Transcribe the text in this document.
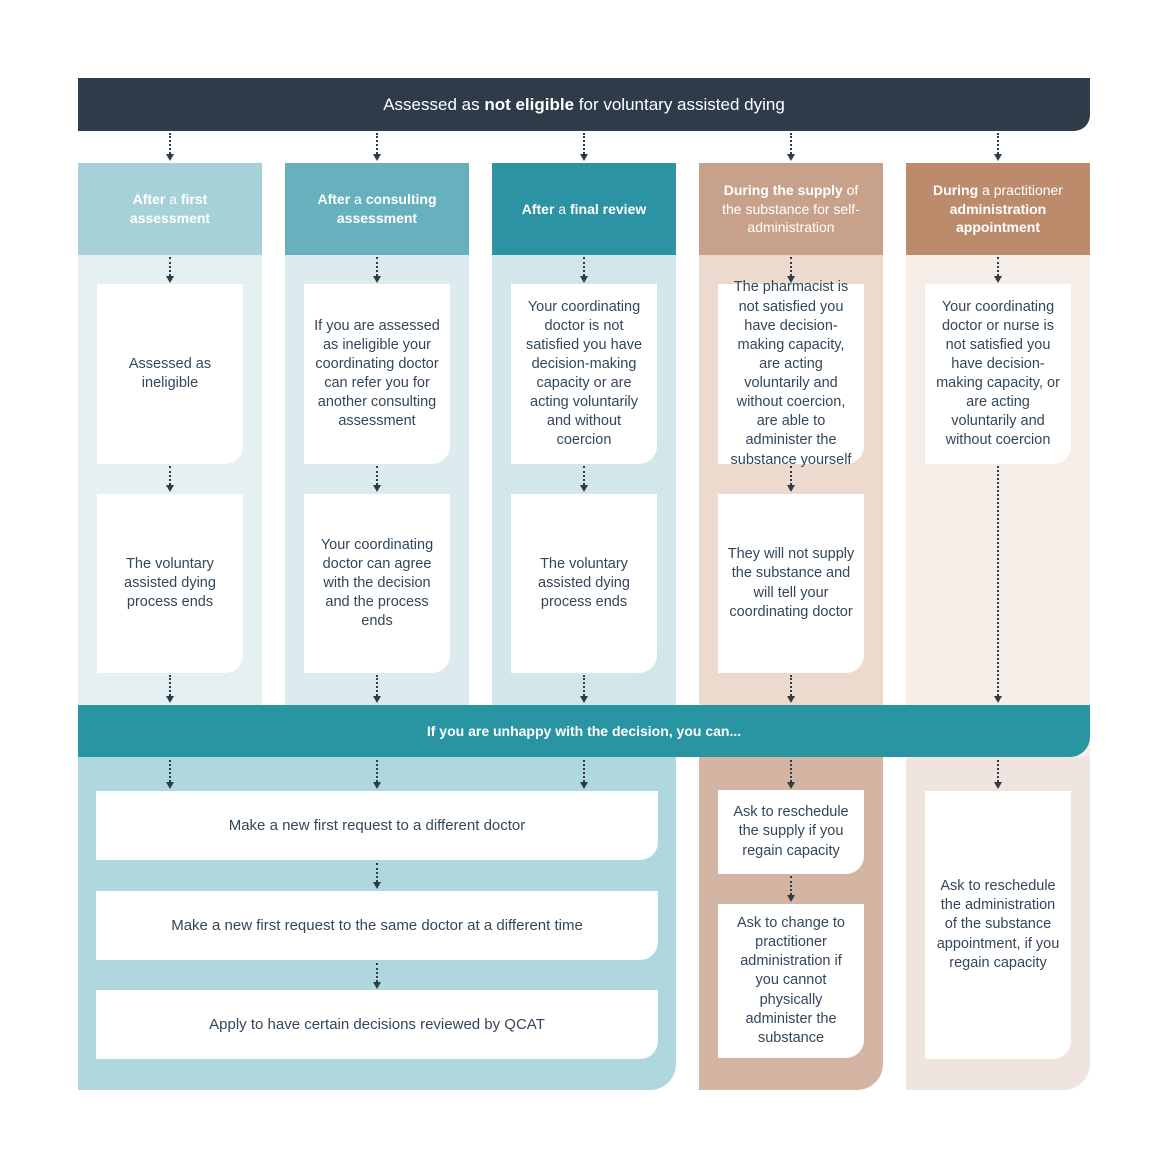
Assessed as not eligible for voluntary assisted dying
After a first assessment
After a consulting assessment
After a final review
During the supply of the substance for self-administration
During a practitioner administration appointment
Assessed as ineligible
If you are assessed as ineligible your coordinating doctor can refer you for another consulting assessment
Your coordinating doctor is not satisfied you have decision-making capacity or are acting voluntarily and without coercion
The pharmacist is not satisfied you have decision-making capacity, are acting voluntarily and without coercion, are able to administer the substance yourself
Your coordinating doctor or nurse is not satisfied you have decision-making capacity, or are acting voluntarily and without coercion
The voluntary assisted dying process ends
Your coordinating doctor can agree with the decision and the process ends
The voluntary assisted dying process ends
They will not supply the substance and will tell your coordinating doctor
If you are unhappy with the decision, you can...
Make a new first request to a different doctor
Make a new first request to the same doctor at a different time
Apply to have certain decisions reviewed by QCAT
Ask to reschedule the supply if you regain capacity
Ask to change to practitioner administration if you cannot physically administer the substance
Ask to reschedule the administration of the substance appointment, if you regain capacity
